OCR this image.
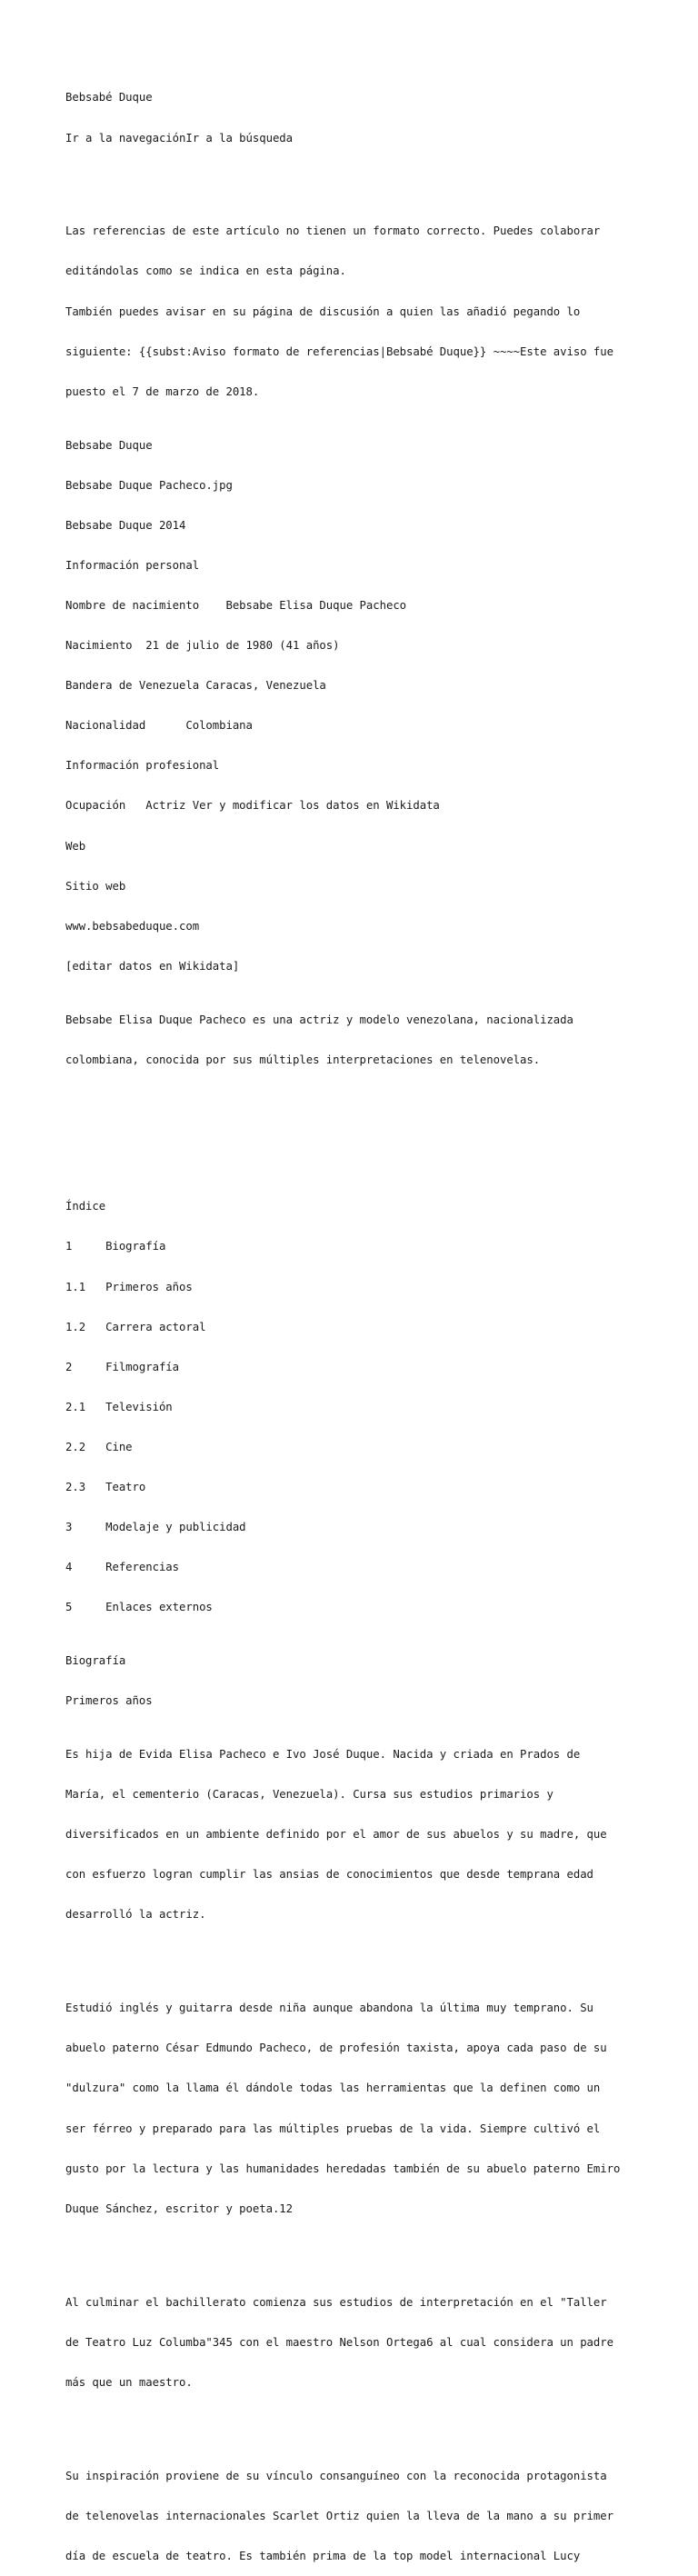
Bebsabé Duque

Ir a la navegaciónIr a la búsqueda

Las referencias de este artículo no tienen un formato correcto. Puedes colaborar

editándolas como se indica en esta página.

También puedes avisar en su página de discusión a quien las añadió pegando lo

siguiente: {{subst:Aviso formato de referencias|Bebsabé Duque}} ~~~~Este aviso fue

puesto el 7 de marzo de 2018.

Bebsabe Duque

Bebsabe Duque Pacheco.jpg

Bebsabe Duque 2014

Información personal

Nombre de nacimiento    Bebsabe Elisa Duque Pacheco

Nacimiento  21 de julio de 1980 (41 años)

Bandera de Venezuela Caracas, Venezuela

Nacionalidad      Colombiana

Información profesional

Ocupación   Actriz Ver y modificar los datos en Wikidata

Web

Sitio web

www.bebsabeduque.com

[editar datos en Wikidata]

Bebsabe Elisa Duque Pacheco es una actriz y modelo venezolana, nacionalizada

colombiana, conocida por sus múltiples interpretaciones en telenovelas.

Índice

1     Biografía

1.1   Primeros años

1.2   Carrera actoral

2     Filmografía

2.1   Televisión

2.2   Cine

2.3   Teatro

3     Modelaje y publicidad

4     Referencias

5     Enlaces externos

Biografía

Primeros años

Es hija de Evida Elisa Pacheco e Ivo José Duque. Nacida y criada en Prados de

María, el cementerio (Caracas, Venezuela). Cursa sus estudios primarios y

diversificados en un ambiente definido por el amor de sus abuelos y su madre, que

con esfuerzo logran cumplir las ansias de conocimientos que desde temprana edad

desarrolló la actriz.

Estudió inglés y guitarra desde niña aunque abandona la última muy temprano. Su

abuelo paterno César Edmundo Pacheco, de profesión taxista, apoya cada paso de su

"dulzura" como la llama él dándole todas las herramientas que la definen como un

ser férreo y preparado para las múltiples pruebas de la vida. Siempre cultivó el

gusto por la lectura y las humanidades heredadas también de su abuelo paterno Emiro

Duque Sánchez, escritor y poeta.12

Al culminar el bachillerato comienza sus estudios de interpretación en el "Taller

de Teatro Luz Columba"345 con el maestro Nelson Ortega6 al cual considera un padre

más que un maestro.

Su inspiración proviene de su vínculo consanguíneo con la reconocida protagonista

de telenovelas internacionales Scarlet Ortiz quien la lleva de la mano a su primer

día de escuela de teatro. Es también prima de la top model internacional Lucy
